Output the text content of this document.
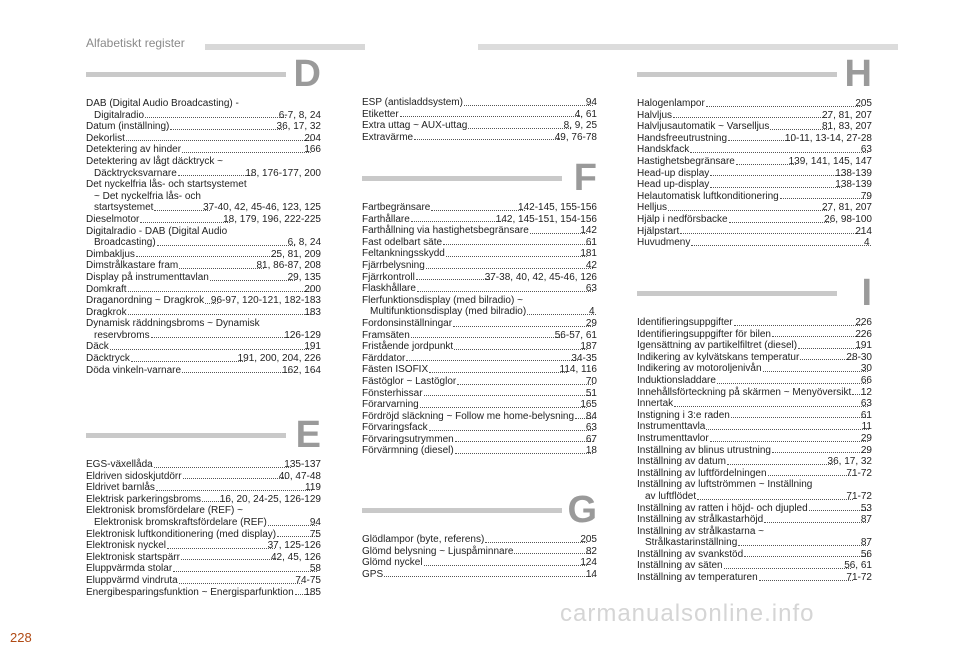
Alfabetiskt register
D
DAB (Digital Audio Broadcasting) -
Digitalradio	6-7, 8, 24
Datum (inställning)	36, 17, 32
Dekorlist	204
Detektering av hinder	166
Detektering av lågt däcktryck ~
Däcktrycksvarnare	18, 176-177, 200
Det nyckelfria lås- och startsystemet
~ Det nyckelfria lås- och
startsystemet	37-40, 42, 45-46, 123, 125
Dieselmotor	18, 179, 196, 222-225
Digitalradio - DAB (Digital Audio
Broadcasting)	6, 8, 24
Dimbakljus	25, 81, 209
Dimstrålkastare fram	81, 86-87, 208
Display på instrumenttavlan	29, 135
Domkraft	200
Draganordning ~ Dragkrok 96-97, 120-121, 182-183
Dragkrok	183
Dynamisk räddningsbroms ~ Dynamisk
reservbroms	126-129
Däck	191
Däcktryck	191, 200, 204, 226
Döda vinkeln-varnare	162, 164
E
EGS-växellåda	135-137
Eldriven sidoskjutdörr	40, 47-48
Eldrivet barnlås	119
Elektrisk parkeringsbroms 16, 20, 24-25, 126-129
Elektronisk bromsfördelare (REF) ~
Elektronisk bromskraftsfördelare (REF)	94
Elektronisk luftkonditionering (med display)	75
Elektronisk nyckel	37, 125-126
Elektronisk startspärr	42, 45, 126
Eluppvärmda stolar	58
Eluppvärmd vindruta	74-75
Energibesparingsfunktion ~ Energisparfunktion 185
ESP (antisladdsystem)	94
Etiketter	4, 61
Extra uttag ~ AUX-uttag	8, 9, 25
Extravärme	49, 76-78
F
Fartbegränsare	142-145, 155-156
Farthållare	142, 145-151, 154-156
Farthållning via hastighetsbegränsare	142
Fast odelbart säte	61
Feltankningsskydd	181
Fjärrbelysning	42
Fjärrkontroll	37-38, 40, 42, 45-46, 126
Flaskhållare	63
Flerfunktionsdisplay (med bilradio) ~
Multifunktionsdisplay (med bilradio)	4
Fordonsinställningar	29
Framsäten	56-57, 61
Fristående jordpunkt	187
Färddator	34-35
Fästen ISOFIX	114, 116
Fästöglor ~ Lastöglor	70
Fönsterhissar	51
Förarvarning	165
Fördröjd släckning ~ Follow me home-belysning 84
Förvaringsfack	63
Förvaringsutrymmen	67
Förvärmning (diesel)	18
G
Glödlampor (byte, referens)	205
Glömd belysning ~ Ljuspåminnare	82
Glömd nyckel	124
GPS	14
H
Halogenlampor	205
Halvljus	27, 81, 207
Halvljusautomatik ~ Varselljus	81, 83, 207
Handsfreeutrustning	10-11, 13-14, 27-28
Handskfack	63
Hastighetsbegränsare	139, 141, 145, 147
Head-up display	138-139
Head up-display	138-139
Helautomatisk luftkonditionering	79
Helljus	27, 81, 207
Hjälp i nedförsbacke	26, 98-100
Hjälpstart	214
Huvudmeny	4
I
Identifieringsuppgifter	226
Identifieringsuppgifter för bilen	226
Igensättning av partikelfiltret (diesel)	191
Indikering av kylvätskans temperatur	28-30
Indikering av motoroljenivån	30
Induktionsladdare	66
Innehållsförteckning på skärmen ~ Menyöversikt 12
Innertak	63
Instigning i 3:e raden	61
Instrumenttavla	11
Instrumenttavlor	29
Inställning av blinus utrustning	29
Inställning av datum	36, 17, 32
Inställning av luftfördelningen	71-72
Inställning av luftströmmen ~ Inställning
av luftflödet	71-72
Inställning av ratten i höjd- och djupled	53
Inställning av strålkastarhöjd	87
Inställning av strålkastarna ~
Strålkastarinställning	87
Inställning av svankstöd	56
Inställning av säten	56, 61
Inställning av temperaturen	71-72
228
carmanualsonline.info
